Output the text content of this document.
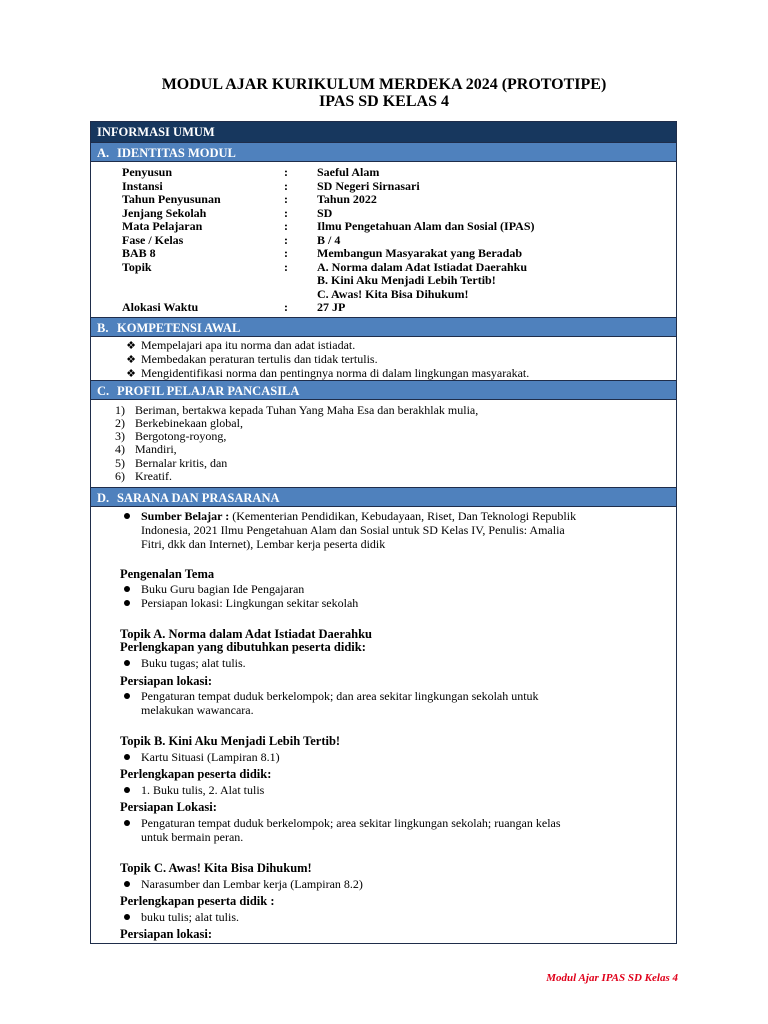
MODUL AJAR KURIKULUM MERDEKA 2024 (PROTOTIPE)
IPAS SD KELAS 4
INFORMASI UMUM
A. IDENTITAS MODUL
Penyusun	: Saeful Alam
Instansi	: SD Negeri Sirnasari
Tahun Penyusunan	: Tahun 2022
Jenjang Sekolah	: SD
Mata Pelajaran	: Ilmu Pengetahuan Alam dan Sosial (IPAS)
Fase / Kelas	: B / 4
BAB 8	: Membangun Masyarakat yang Beradab
Topik	: A. Norma dalam Adat Istiadat Daerahku
B. Kini Aku Menjadi Lebih Tertib!
C. Awas! Kita Bisa Dihukum!
Alokasi Waktu	: 27 JP
B. KOMPETENSI AWAL
❖ Mempelajari apa itu norma dan adat istiadat.
❖ Membedakan peraturan tertulis dan tidak tertulis.
❖ Mengidentifikasi norma dan pentingnya norma di dalam lingkungan masyarakat.
C. PROFIL PELAJAR PANCASILA
1) Beriman, bertakwa kepada Tuhan Yang Maha Esa dan berakhlak mulia,
2) Berkebinekaan global,
3) Bergotong-royong,
4) Mandiri,
5) Bernalar kritis, dan
6) Kreatif.
D. SARANA DAN PRASARANA
Sumber Belajar : (Kementerian Pendidikan, Kebudayaan, Riset, Dan Teknologi Republik
Indonesia, 2021 Ilmu Pengetahuan Alam dan Sosial untuk SD Kelas IV, Penulis: Amalia
Fitri, dkk dan Internet), Lembar kerja peserta didik
Pengenalan Tema
Buku Guru bagian Ide Pengajaran
Persiapan lokasi: Lingkungan sekitar sekolah
Topik A. Norma dalam Adat Istiadat Daerahku
Perlengkapan yang dibutuhkan peserta didik:
Buku tugas; alat tulis.
Persiapan lokasi:
Pengaturan tempat duduk berkelompok; dan area sekitar lingkungan sekolah untuk
melakukan wawancara.
Topik B. Kini Aku Menjadi Lebih Tertib!
Kartu Situasi (Lampiran 8.1)
Perlengkapan peserta didik:
1. Buku tulis, 2. Alat tulis
Persiapan Lokasi:
Pengaturan tempat duduk berkelompok; area sekitar lingkungan sekolah; ruangan kelas
untuk bermain peran.
Topik C. Awas! Kita Bisa Dihukum!
Narasumber dan Lembar kerja (Lampiran 8.2)
Perlengkapan peserta didik :
buku tulis; alat tulis.
Persiapan lokasi:
Modul Ajar IPAS SD Kelas 4
